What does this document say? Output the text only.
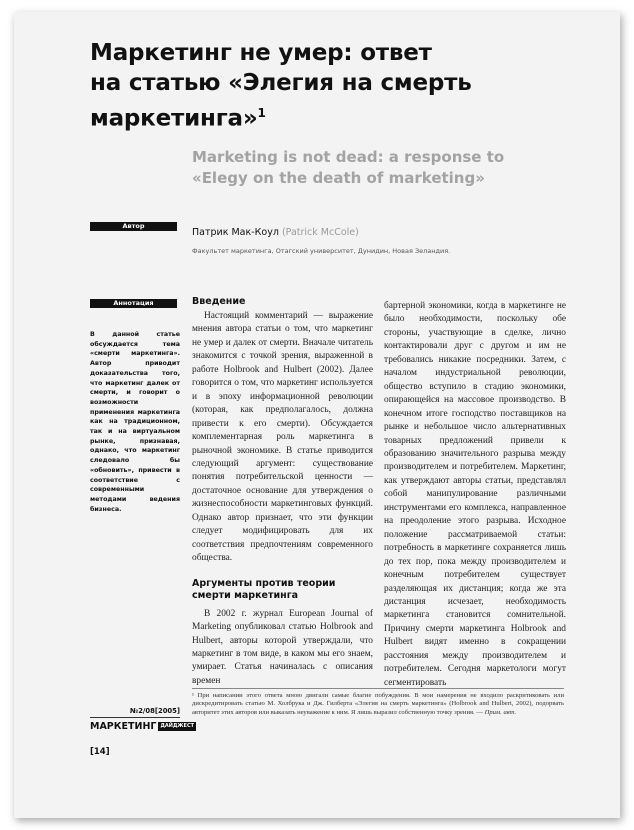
Маркетинг не умер: ответ
на статью «Элегия на смерть
маркетинга»$^1$
Marketing is not dead: a response to
«Elegy on the death of marketing»
Автор
Патрик Мак-Коул (Patrick McCole)
Факультет маркетинга, Отагский университет, Дунидин, Новая Зеландия.
Аннотация
В данной статье обсуждается тема «смерти маркетинга». Автор приводит доказательства того, что маркетинг далек от смерти, и говорит о возможности применения маркетинга как на традиционном, так и на виртуальном рынке, признавая, однако, что маркетинг следовало бы «обновить», привести в соответствие с современными методами ведения бизнеса.
Введение

Настоящий комментарий — выражение мнения автора статьи о том, что маркетинг не умер и далек от смерти. Вначале читатель знакомится с точкой зрения, выраженной в работе Holbrook and Hulbert (2002). Далее говорится о том, что маркетинг используется и в эпоху информационной революции (которая, как предполагалось, должна привести к его смерти). Обсуждается комплементарная роль маркетинга в рыночной экономике. В статье приводится следующий аргумент: существование понятия потребительской ценности — достаточное основание для утверждения о жизнеспособности маркетинговых функций. Однако автор признает, что эти функции следует модифицировать для их соответствия предпочтениям современного общества.

Аргументы против теории смерти маркетинга

В 2002 г. журнал European Journal of Marketing опубликовал статью Holbrook and Hulbert, авторы которой утверждали, что маркетинг в том виде, в каком мы его знаем, умирает. Статья начиналась с описания времен

бартерной экономики, когда в маркетинге не было необходимости, поскольку обе стороны, участвующие в сделке, лично контактировали друг с другом и им не требовались никакие посредники. Затем, с началом индустриальной революции, общество вступило в стадию экономики, опирающейся на массовое производство. В конечном итоге господство поставщиков на рынке и небольшое число альтернативных товарных предложений привели к образованию значительного разрыва между производителем и потребителем. Маркетинг, как утверждают авторы статьи, представлял собой манипулирование различными инструментами его комплекса, направленное на преодоление этого разрыва. Исходное положение рассматриваемой статьи: потребность в маркетинге сохраняется лишь до тех пор, пока между производителем и конечным потребителем существует разделяющая их дистанция; когда же эта дистанция исчезает, необходимость маркетинга становится сомнительной. Причину смерти маркетинга Holbrook and Hulbert видят именно в сокращении расстояния между производителем и потребителем. Сегодня маркетологи могут сегментировать

¹ При написании этого ответа мною двигали самые благие побуждения. В мои намерения не входило раскритиковать или дискредитировать статью М. Холбрука и Дж. Гилберта «Элегия на смерть маркетинга» (Holbrook and Hulbert, 2002), подорвать авторитет этих авторов или выказать неуважение к ним. Я лишь выразил собственную точку зрения. — Прим. авт.
№2/08[2005]
МАРКЕТИНГ ДАЙДЖЕСТ
[14]
